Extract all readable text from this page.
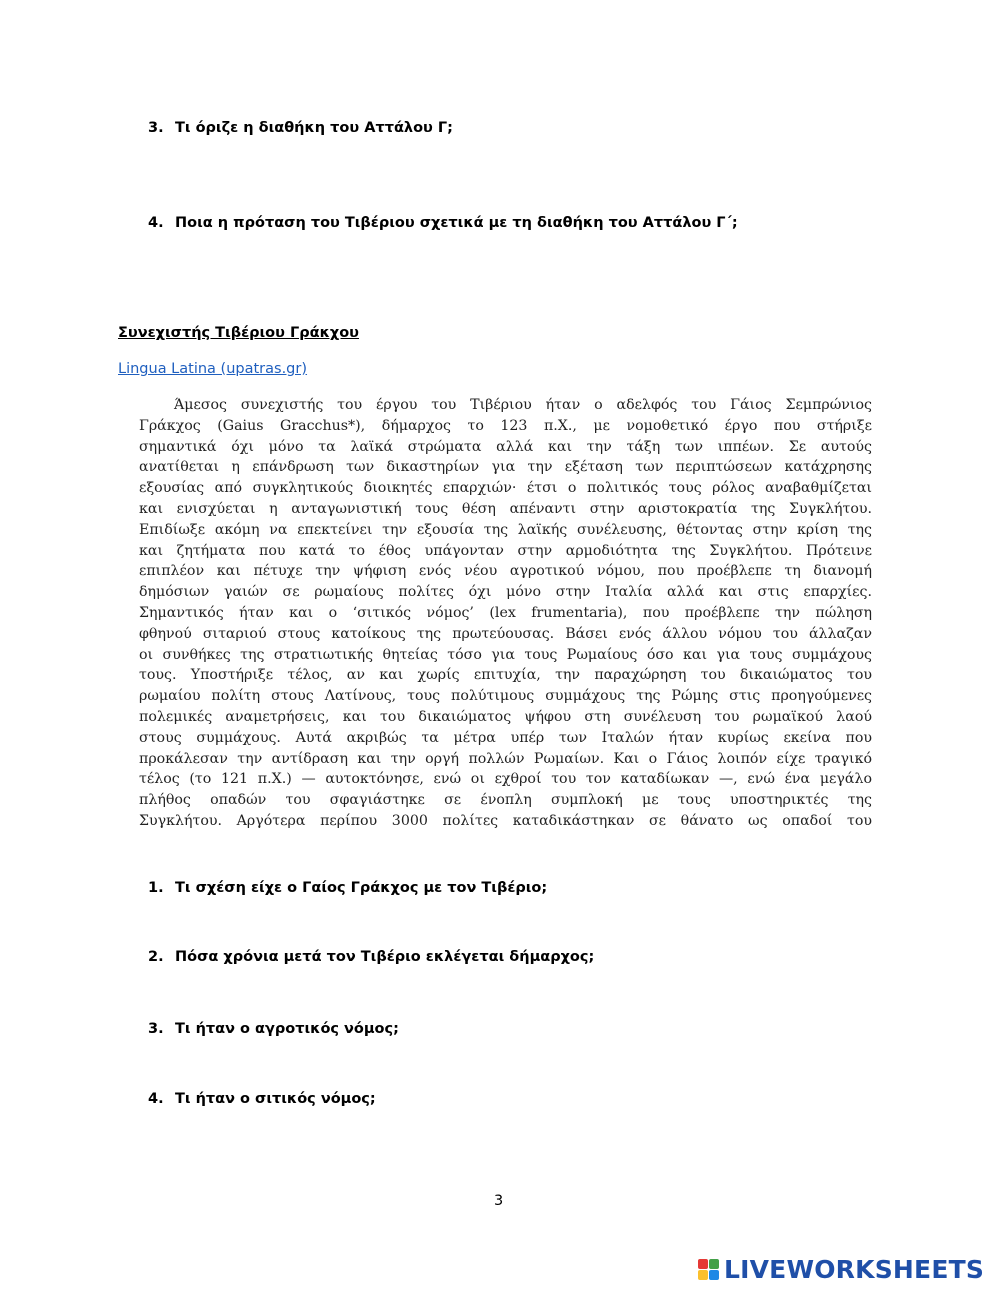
3. Τι όριζε η διαθήκη του Αττάλου Γ;
4. Ποια η πρόταση του Τιβέριου σχετικά με τη διαθήκη του Αττάλου Γ΄;
Συνεχιστής Τιβέριου Γράκχου
Lingua Latina (upatras.gr)
Άμεσος συνεχιστής του έργου του Τιβέριου ήταν ο αδελφός του Γάιος Σεμπρώνιος
Γράκχος (Gaius Gracchus*), δήμαρχος το 123 π.Χ., με νομοθετικό έργο που στήριξε
σημαντικά όχι μόνο τα λαϊκά στρώματα αλλά και την τάξη των ιππέων. Σε αυτούς
ανατίθεται η επάνδρωση των δικαστηρίων για την εξέταση των περιπτώσεων κατάχρησης
εξουσίας από συγκλητικούς διοικητές επαρχιών· έτσι ο πολιτικός τους ρόλος αναβαθμίζεται
και ενισχύεται η ανταγωνιστική τους θέση απέναντι στην αριστοκρατία της Συγκλήτου.
Επιδίωξε ακόμη να επεκτείνει την εξουσία της λαϊκής συνέλευσης, θέτοντας στην κρίση της
και ζητήματα που κατά το έθος υπάγονταν στην αρμοδιότητα της Συγκλήτου. Πρότεινε
επιπλέον και πέτυχε την ψήφιση ενός νέου αγροτικού νόμου, που προέβλεπε τη διανομή
δημόσιων γαιών σε ρωμαίους πολίτες όχι μόνο στην Ιταλία αλλά και στις επαρχίες.
Σημαντικός ήταν και ο ‘σιτικός νόμος’ (lex frumentaria), που προέβλεπε την πώληση
φθηνού σιταριού στους κατοίκους της πρωτεύουσας. Βάσει ενός άλλου νόμου του άλλαζαν
οι συνθήκες της στρατιωτικής θητείας τόσο για τους Ρωμαίους όσο και για τους συμμάχους
τους. Υποστήριξε τέλος, αν και χωρίς επιτυχία, την παραχώρηση του δικαιώματος του
ρωμαίου πολίτη στους Λατίνους, τους πολύτιμους συμμάχους της Ρώμης στις προηγούμενες
πολεμικές αναμετρήσεις, και του δικαιώματος ψήφου στη συνέλευση του ρωμαϊκού λαού
στους συμμάχους. Αυτά ακριβώς τα μέτρα υπέρ των Ιταλών ήταν κυρίως εκείνα που
προκάλεσαν την αντίδραση και την οργή πολλών Ρωμαίων. Και ο Γάιος λοιπόν είχε τραγικό
τέλος (το 121 π.Χ.) — αυτοκτόνησε, ενώ οι εχθροί του τον καταδίωκαν —, ενώ ένα μεγάλο
πλήθος οπαδών του σφαγιάστηκε σε ένοπλη συμπλοκή με τους υποστηρικτές της
Συγκλήτου. Αργότερα περίπου 3000 πολίτες καταδικάστηκαν σε θάνατο ως οπαδοί του
1. Τι σχέση είχε ο Γαίος Γράκχος με τον Τιβέριο;
2. Πόσα χρόνια μετά τον Τιβέριο εκλέγεται δήμαρχος;
3. Τι ήταν ο αγροτικός νόμος;
4. Τι ήταν ο σιτικός νόμος;
3
LIVEWORKSHEETS
